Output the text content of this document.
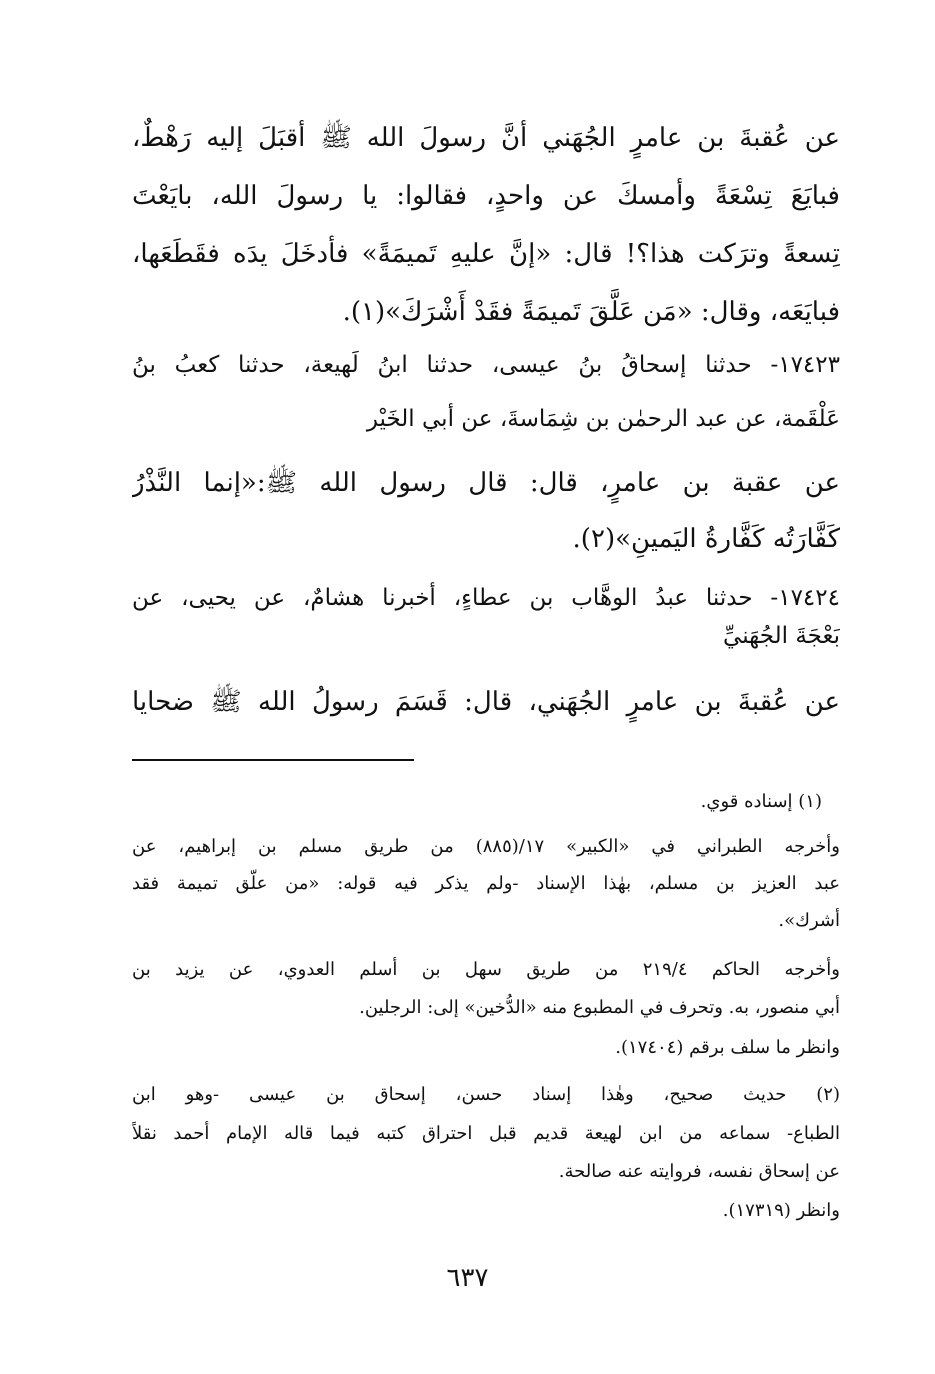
عن عُقبةَ بن عامرٍ الجُهَني أنَّ رسولَ الله ﷺ أقبَلَ إليه رَهْطٌ،
فبايَعَ تِسْعَةً وأمسكَ عن واحدٍ، فقالوا: يا رسولَ الله، بايَعْتَ
تِسعةً وترَكت هذا؟! قال: «إنَّ عليهِ تَميمَةً» فأدخَلَ يدَه فقَطَعَها،
فبايَعَه، وقال: «مَن عَلَّقَ تَميمَةً فقَدْ أَشْرَكَ»(١).
١٧٤٢٣- حدثنا إسحاقُ بنُ عيسى، حدثنا ابنُ لَهيعة، حدثنا كعبُ بنُ
عَلْقَمة، عن عبد الرحمٰن بن شِمَاسةَ، عن أبي الخَيْر
عن عقبة بن عامرٍ، قال: قال رسول الله ﷺ:«إنما النَّذْرُ
كَفَّارَتُه كَفَّارةُ اليَمينِ»(٢).
١٧٤٢٤- حدثنا عبدُ الوهَّاب بن عطاءٍ، أخبرنا هشامٌ، عن يحيى، عن
بَعْجَةَ الجُهَنيِّ
عن عُقبةَ بن عامرٍ الجُهَني، قال: قَسَمَ رسولُ الله ﷺ ضحايا
(١) إسناده قوي.
وأخرجه الطبراني في «الكبير» ١٧/(٨٨٥) من طريق مسلم بن إبراهيم، عن
عبد العزيز بن مسلم، بهٰذا الإسناد -ولم يذكر فيه قوله: «من علّق تميمة فقد
أشرك».
وأخرجه الحاكم ٢١٩/٤ من طريق سهل بن أسلم العدوي، عن يزيد بن
أبي منصور، به. وتحرف في المطبوع منه «الدُّخين» إلى: الرجلين.
وانظر ما سلف برقم (١٧٤٠٤).
(٢) حديث صحيح، وهٰذا إسناد حسن، إسحاق بن عيسى -وهو ابن
الطباع- سماعه من ابن لهيعة قديم قبل احتراق كتبه فيما قاله الإمام أحمد نقلاً
عن إسحاق نفسه، فروايته عنه صالحة.
وانظر (١٧٣١٩).
٦٣٧
